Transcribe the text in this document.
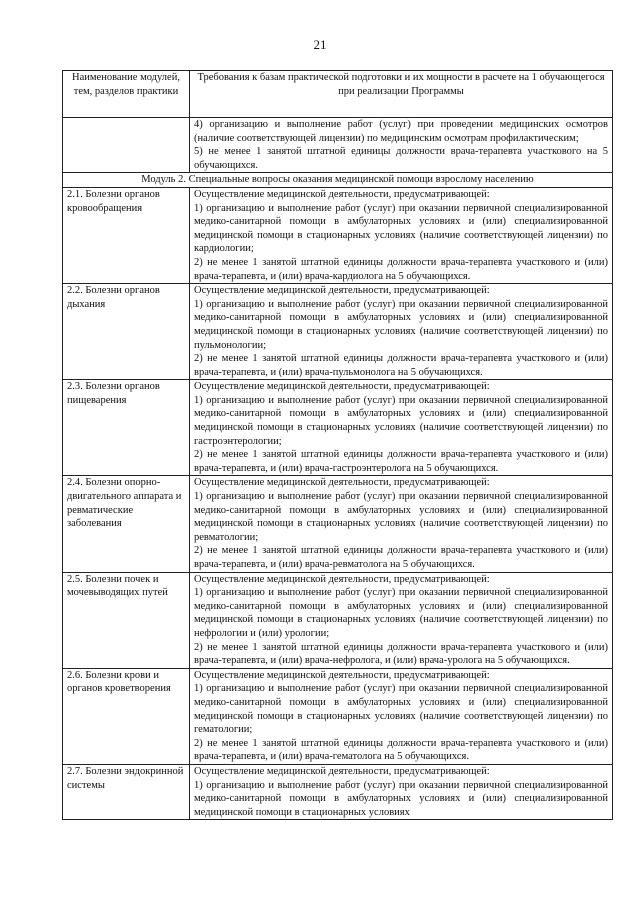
21
Наименование модулей, тем, разделов практики	Требования к базам практической подготовки и их мощности в расчете на 1 обучающегося при реализации Программы

	4) организацию и выполнение работ (услуг) при проведении медицинских осмотров (наличие соответствующей лицензии) по медицинским осмотрам профилактическим;

5) не менее 1 занятой штатной единицы должности врача-терапевта участкового на 5 обучающихся.

Модуль 2. Специальные вопросы оказания медицинской помощи взрослому населению	
2.1. Болезни органов кровообращения	Осуществление медицинской деятельности, предусматривающей:

1) организацию и выполнение работ (услуг) при оказании первичной специализированной медико-санитарной помощи в амбулаторных условиях и (или) специализированной медицинской помощи в стационарных условиях (наличие соответствующей лицензии) по кардиологии;

2) не менее 1 занятой штатной единицы должности врача-терапевта участкового и (или) врача-терапевта, и (или) врача-кардиолога на 5 обучающихся.

2.2. Болезни органов дыхания	Осуществление медицинской деятельности, предусматривающей:

1) организацию и выполнение работ (услуг) при оказании первичной специализированной медико-санитарной помощи в амбулаторных условиях и (или) специализированной медицинской помощи в стационарных условиях (наличие соответствующей лицензии) по пульмонологии;

2) не менее 1 занятой штатной единицы должности врача-терапевта участкового и (или) врача-терапевта, и (или) врача-пульмонолога на 5 обучающихся.

2.3. Болезни органов пищеварения	Осуществление медицинской деятельности, предусматривающей:

1) организацию и выполнение работ (услуг) при оказании первичной специализированной медико-санитарной помощи в амбулаторных условиях и (или) специализированной медицинской помощи в стационарных условиях (наличие соответствующей лицензии) по гастроэнтерологии;

2) не менее 1 занятой штатной единицы должности врача-терапевта участкового и (или) врача-терапевта, и (или) врача-гастроэнтеролога на 5 обучающихся.

2.4. Болезни опорно-двигательного аппарата и ревматические заболевания	Осуществление медицинской деятельности, предусматривающей:

1) организацию и выполнение работ (услуг) при оказании первичной специализированной медико-санитарной помощи в амбулаторных условиях и (или) специализированной медицинской помощи в стационарных условиях (наличие соответствующей лицензии) по ревматологии;

2) не менее 1 занятой штатной единицы должности врача-терапевта участкового и (или) врача-терапевта, и (или) врача-ревматолога на 5 обучающихся.

2.5. Болезни почек и мочевыводящих путей	Осуществление медицинской деятельности, предусматривающей:

1) организацию и выполнение работ (услуг) при оказании первичной специализированной медико-санитарной помощи в амбулаторных условиях и (или) специализированной медицинской помощи в стационарных условиях (наличие соответствующей лицензии) по нефрологии и (или) урологии;

2) не менее 1 занятой штатной единицы должности врача-терапевта участкового и (или) врача-терапевта, и (или) врача-нефролога, и (или) врача-уролога на 5 обучающихся.

2.6. Болезни крови и органов кроветворения	Осуществление медицинской деятельности, предусматривающей:

1) организацию и выполнение работ (услуг) при оказании первичной специализированной медико-санитарной помощи в амбулаторных условиях и (или) специализированной медицинской помощи в стационарных условиях (наличие соответствующей лицензии) по гематологии;

2) не менее 1 занятой штатной единицы должности врача-терапевта участкового и (или) врача-терапевта, и (или) врача-гематолога на 5 обучающихся.

2.7. Болезни эндокринной системы	Осуществление медицинской деятельности, предусматривающей:

1) организацию и выполнение работ (услуг) при оказании первичной специализированной медико-санитарной помощи в амбулаторных условиях и (или) специализированной медицинской помощи в стационарных условиях
